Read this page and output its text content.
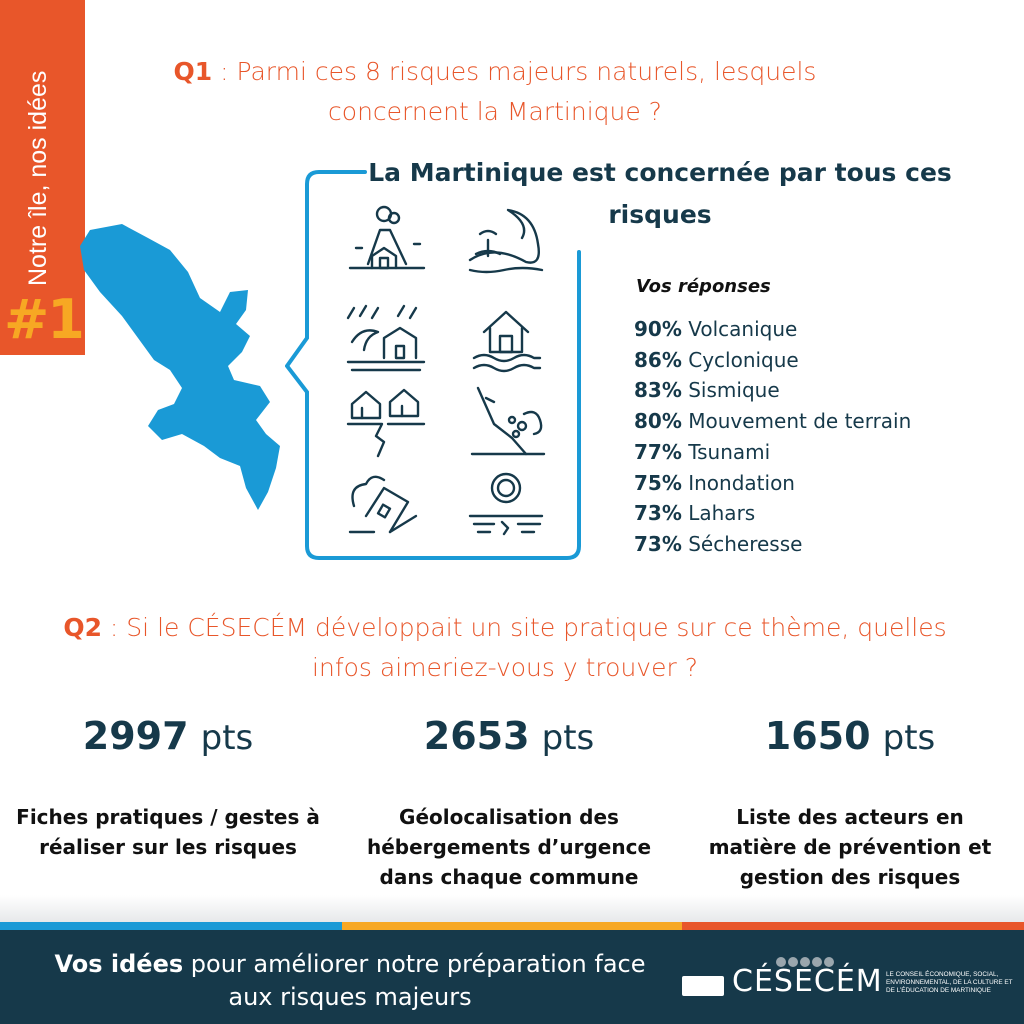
Notre île, nos idées
#1
Q1 : Parmi ces 8 risques majeurs naturels, lesquels concernent la Martinique ?
La Martinique est concernée par tous ces risques
Vos réponses
90% Volcanique
86% Cyclonique
83% Sismique
80% Mouvement de terrain
77% Tsunami
75% Inondation
73% Lahars
73% Sécheresse
Q2 : Si le CÉSECÉM développait un site pratique sur ce thème, quelles infos aimeriez-vous y trouver ?
2997 pts
Fiches pratiques / gestes à réaliser sur les risques
2653 pts
Géolocalisation des hébergements d’urgence dans chaque commune
1650 pts
Liste des acteurs en matière de prévention et gestion des risques
Vos idées pour améliorer notre préparation face aux risques majeurs	CÉSECÉM LE CONSEIL ÉCONOMIQUE, SOCIAL, ENVIRONNEMENTAL, DE LA CULTURE ET DE L’ÉDUCATION DE MARTINIQUE
